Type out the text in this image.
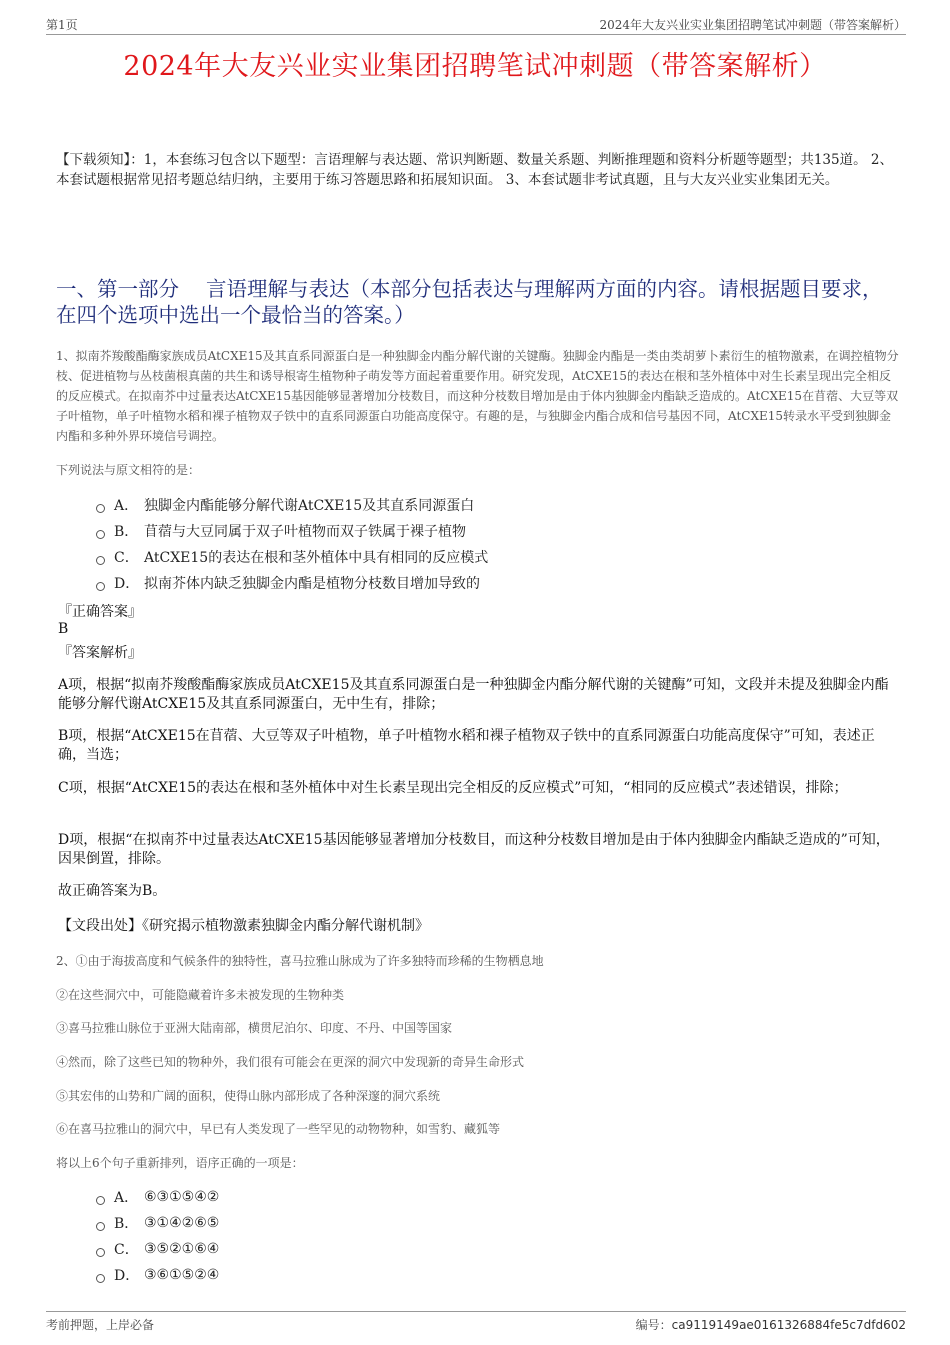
第1页	2024年大友兴业实业集团招聘笔试冲刺题（带答案解析）
2024年大友兴业实业集团招聘笔试冲刺题（带答案解析）
【下载须知】：1，本套练习包含以下题型：言语理解与表达题、常识判断题、数量关系题、判断推理题和资料分析题等题型；共135道。 2、本套试题根据常见招考题总结归纳，主要用于练习答题思路和拓展知识面。 3、本套试题非考试真题，且与大友兴业实业集团无关。
一、第一部分　 言语理解与表达（本部分包括表达与理解两方面的内容。请根据题目要求，在四个选项中选出一个最恰当的答案。）
1、拟南芥羧酸酯酶家族成员AtCXE15及其直系同源蛋白是一种独脚金内酯分解代谢的关键酶。独脚金内酯是一类由类胡萝卜素衍生的植物激素，在调控植物分枝、促进植物与丛枝菌根真菌的共生和诱导根寄生植物种子萌发等方面起着重要作用。研究发现，AtCXE15的表达在根和茎外植体中对生长素呈现出完全相反的反应模式。在拟南芥中过量表达AtCXE15基因能够显著增加分枝数目，而这种分枝数目增加是由于体内独脚金内酯缺乏造成的。AtCXE15在苜蓿、大豆等双子叶植物，单子叶植物水稻和裸子植物双子铁中的直系同源蛋白功能高度保守。有趣的是，与独脚金内酯合成和信号基因不同，AtCXE15转录水平受到独脚金内酯和多种外界环境信号调控。
下列说法与原文相符的是：
A． 独脚金内酯能够分解代谢AtCXE15及其直系同源蛋白
B． 苜蓿与大豆同属于双子叶植物而双子铁属于裸子植物
C． AtCXE15的表达在根和茎外植体中具有相同的反应模式
D． 拟南芥体内缺乏独脚金内酯是植物分枝数目增加导致的
『正确答案』
B
『答案解析』
A项，根据“拟南芥羧酸酯酶家族成员AtCXE15及其直系同源蛋白是一种独脚金内酯分解代谢的关键酶”可知，文段并未提及独脚金内酯能够分解代谢AtCXE15及其直系同源蛋白，无中生有，排除；
B项，根据“AtCXE15在苜蓿、大豆等双子叶植物，单子叶植物水稻和裸子植物双子铁中的直系同源蛋白功能高度保守”可知，表述正确，当选；
C项，根据“AtCXE15的表达在根和茎外植体中对生长素呈现出完全相反的反应模式”可知，“相同的反应模式”表述错误，排除；
D项，根据“在拟南芥中过量表达AtCXE15基因能够显著增加分枝数目，而这种分枝数目增加是由于体内独脚金内酯缺乏造成的”可知，因果倒置，排除。
故正确答案为B。
【文段出处】《研究揭示植物激素独脚金内酯分解代谢机制》
2、①由于海拔高度和气候条件的独特性，喜马拉雅山脉成为了许多独特而珍稀的生物栖息地
②在这些洞穴中，可能隐藏着许多未被发现的生物种类
③喜马拉雅山脉位于亚洲大陆南部，横贯尼泊尔、印度、不丹、中国等国家
④然而，除了这些已知的物种外，我们很有可能会在更深的洞穴中发现新的奇异生命形式
⑤其宏伟的山势和广阔的面积，使得山脉内部形成了各种深邃的洞穴系统
⑥在喜马拉雅山的洞穴中，早已有人类发现了一些罕见的动物物种，如雪豹、藏狐等
将以上6个句子重新排列，语序正确的一项是：
A． ⑥③①⑤④②
B． ③①④②⑥⑤
C． ③⑤②①⑥④
D． ③⑥①⑤②④
考前押题，上岸必备	编号：ca9119149ae0161326884fe5c7dfd602
